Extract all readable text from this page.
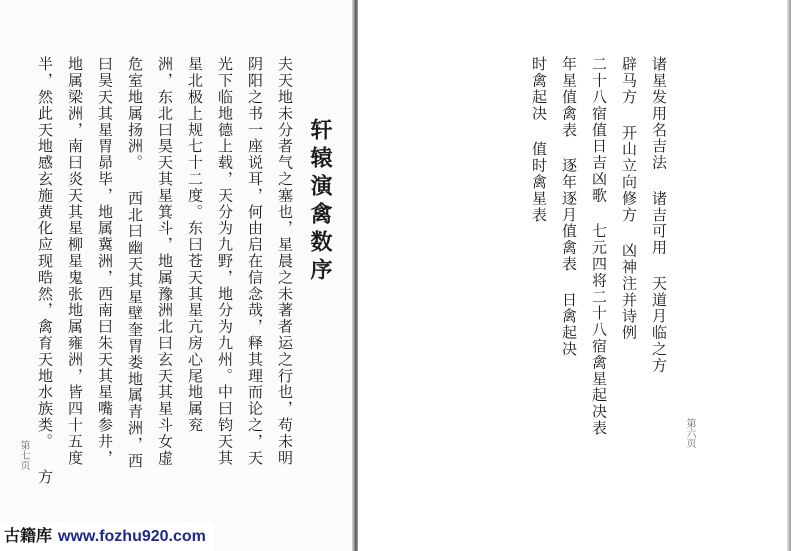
轩辕演禽数序
夫天地未分者气之塞也，星晨之未著者运之行也，苟未明
阴阳之书一座说耳，何由启在信念哉，释其理而论之，天
光下临地德上载，天分为九野，地分为九州。中曰钧天其
星北极上规七十二度。东曰苍天其星亢房心尾地属兖
洲，东北曰昊天其星箕斗，地属豫洲北曰玄天其星斗女虚
危室地属扬洲。 西北曰幽天其星壁奎胃娄地属青洲，西
曰昊天其星胃昴毕，地属冀洲，西南曰朱天其星嘴参井，
地属梁洲，南曰炎天其星柳星鬼张地属雍洲，皆四十五度
半，然此天地感玄施黄化应现晧然，禽育天地水族类。 方
第七页
诸星发用名吉法 诸吉可用 天道月临之方
辟马方 开山立向修方 凶神注并诗例
二十八宿值日吉凶歌 七元四将二十八宿禽星起决表
年星值禽表 逐年逐月值禽表 日禽起决
时禽起决 值时禽星表
第六页
古籍库 www.fozhu920.com
